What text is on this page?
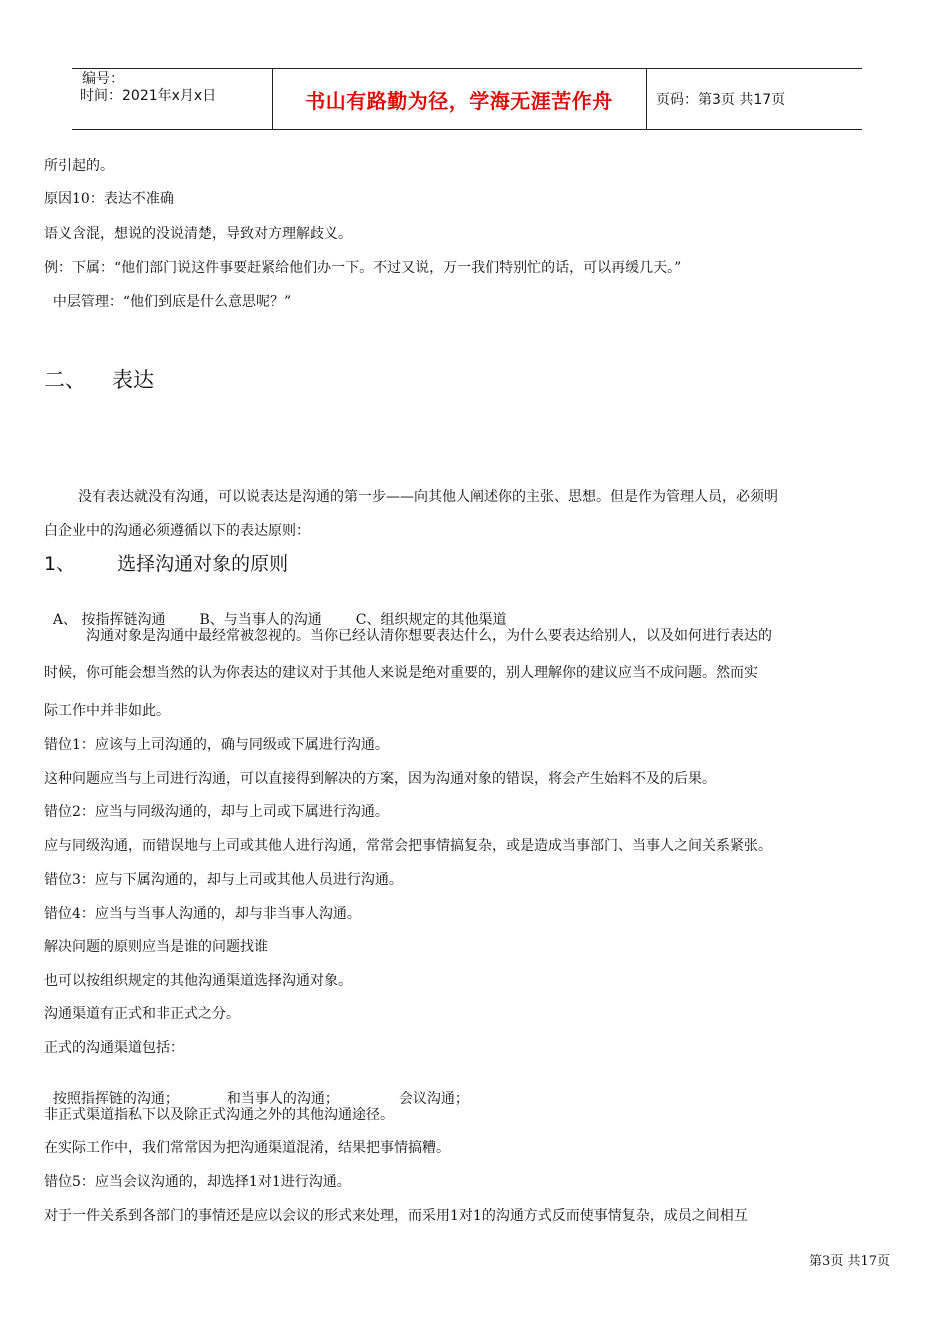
编号：
时间：2021年x月x日	书山有路勤为径，学海无涯苦作舟	页码：第3页 共17页
所引起的。
原因10：表达不准确
语义含混，想说的没说清楚，导致对方理解歧义。
例：下属：“他们部门说这件事要赶紧给他们办一下。不过又说，万一我们特别忙的话，可以再缓几天。”
中层管理：“他们到底是什么意思呢？”
二、 表达
没有表达就没有沟通，可以说表达是沟通的第一步——向其他人阐述你的主张、思想。但是作为管理人员，必须明
白企业中的沟通必须遵循以下的表达原则：
1、 选择沟通对象的原则

A、 按指挥链沟通 B、与当事人的沟通 C、组织规定的其他渠道

沟通对象是沟通中最经常被忽视的。当你已经认清你想要表达什么，为什么要表达给别人，以及如何进行表达的
时候，你可能会想当然的认为你表达的建议对于其他人来说是绝对重要的，别人理解你的建议应当不成问题。然而实
际工作中并非如此。
错位1：应该与上司沟通的，确与同级或下属进行沟通。
这种问题应当与上司进行沟通，可以直接得到解决的方案，因为沟通对象的错误，将会产生始料不及的后果。
错位2：应当与同级沟通的，却与上司或下属进行沟通。
应与同级沟通，而错误地与上司或其他人进行沟通，常常会把事情搞复杂，或是造成当事部门、当事人之间关系紧张。
错位3：应与下属沟通的，却与上司或其他人员进行沟通。
错位4：应当与当事人沟通的，却与非当事人沟通。
解决问题的原则应当是谁的问题找谁
也可以按组织规定的其他沟通渠道选择沟通对象。
沟通渠道有正式和非正式之分。
正式的沟通渠道包括：

按照指挥链的沟通；	和当事人的沟通；	会议沟通；

非正式渠道指私下以及除正式沟通之外的其他沟通途径。
在实际工作中，我们常常因为把沟通渠道混淆，结果把事情搞糟。
错位5：应当会议沟通的，却选择1对1进行沟通。
对于一件关系到各部门的事情还是应以会议的形式来处理，而采用1对1的沟通方式反而使事情复杂，成员之间相互
第3页 共17页
